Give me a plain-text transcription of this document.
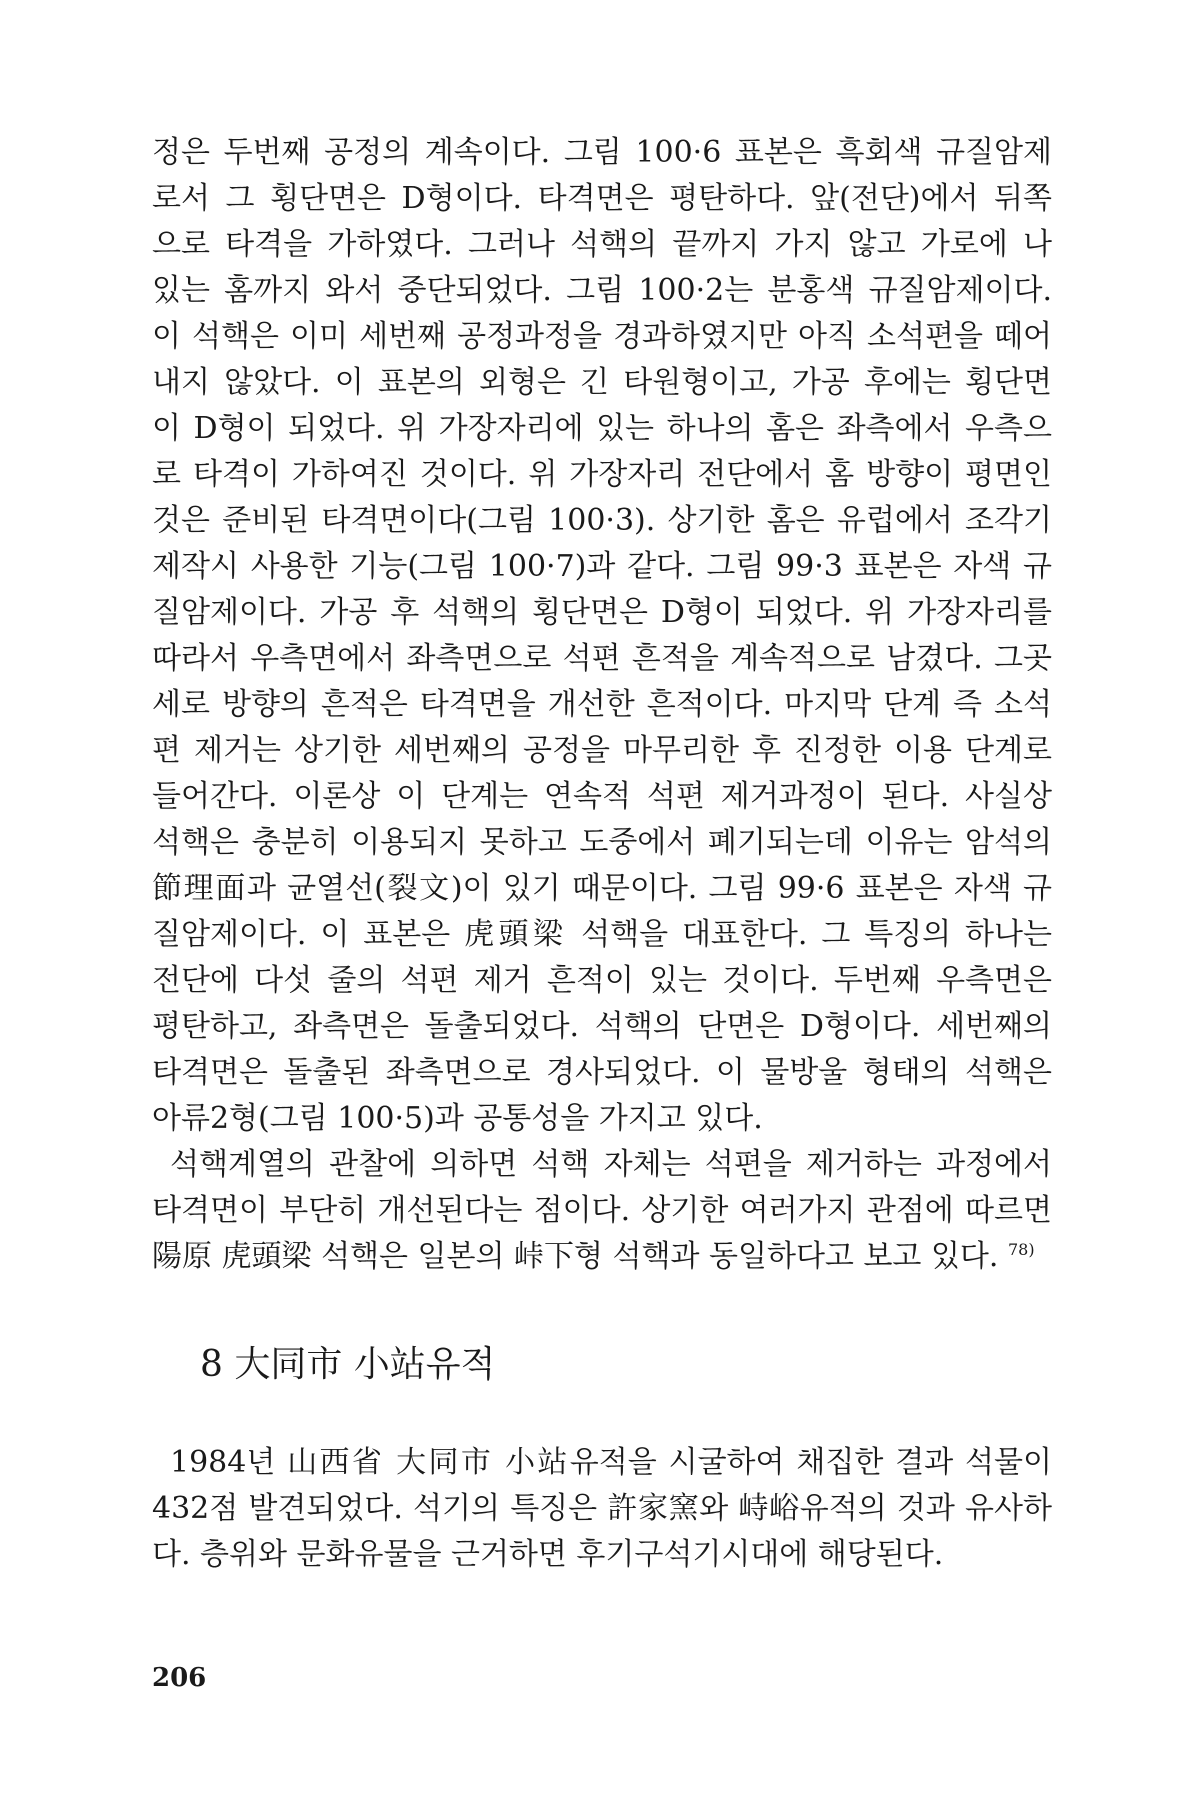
정은 두번째 공정의 계속이다. 그림 100·6 표본은 흑회색 규질암제
로서 그 횡단면은 D형이다. 타격면은 평탄하다. 앞(전단)에서 뒤쪽
으로 타격을 가하였다. 그러나 석핵의 끝까지 가지 않고 가로에 나
있는 홈까지 와서 중단되었다. 그림 100·2는 분홍색 규질암제이다.
이 석핵은 이미 세번째 공정과정을 경과하였지만 아직 소석편을 떼어
내지 않았다. 이 표본의 외형은 긴 타원형이고, 가공 후에는 횡단면
이 D형이 되었다. 위 가장자리에 있는 하나의 홈은 좌측에서 우측으
로 타격이 가하여진 것이다. 위 가장자리 전단에서 홈 방향이 평면인
것은 준비된 타격면이다(그림 100·3). 상기한 홈은 유럽에서 조각기
제작시 사용한 기능(그림 100·7)과 같다. 그림 99·3 표본은 자색 규
질암제이다. 가공 후 석핵의 횡단면은 D형이 되었다. 위 가장자리를
따라서 우측면에서 좌측면으로 석편 흔적을 계속적으로 남겼다. 그곳
세로 방향의 흔적은 타격면을 개선한 흔적이다. 마지막 단계 즉 소석
편 제거는 상기한 세번째의 공정을 마무리한 후 진정한 이용 단계로
들어간다. 이론상 이 단계는 연속적 석편 제거과정이 된다. 사실상
석핵은 충분히 이용되지 못하고 도중에서 폐기되는데 이유는 암석의
節理面과 균열선(裂文)이 있기 때문이다. 그림 99·6 표본은 자색 규
질암제이다. 이 표본은 虎頭梁 석핵을 대표한다. 그 특징의 하나는
전단에 다섯 줄의 석편 제거 흔적이 있는 것이다. 두번째 우측면은
평탄하고, 좌측면은 돌출되었다. 석핵의 단면은 D형이다. 세번째의
타격면은 돌출된 좌측면으로 경사되었다. 이 물방울 형태의 석핵은
아류2형(그림 100·5)과 공통성을 가지고 있다.
석핵계열의 관찰에 의하면 석핵 자체는 석편을 제거하는 과정에서
타격면이 부단히 개선된다는 점이다. 상기한 여러가지 관점에 따르면
陽原 虎頭梁 석핵은 일본의 峠下형 석핵과 동일하다고 보고 있다. $^{78)}$
8 大同市 小站유적
1984년 山西省 大同市 小站유적을 시굴하여 채집한 결과 석물이
432점 발견되었다. 석기의 특징은 許家窯와 峙峪유적의 것과 유사하
다. 층위와 문화유물을 근거하면 후기구석기시대에 해당된다.
206
